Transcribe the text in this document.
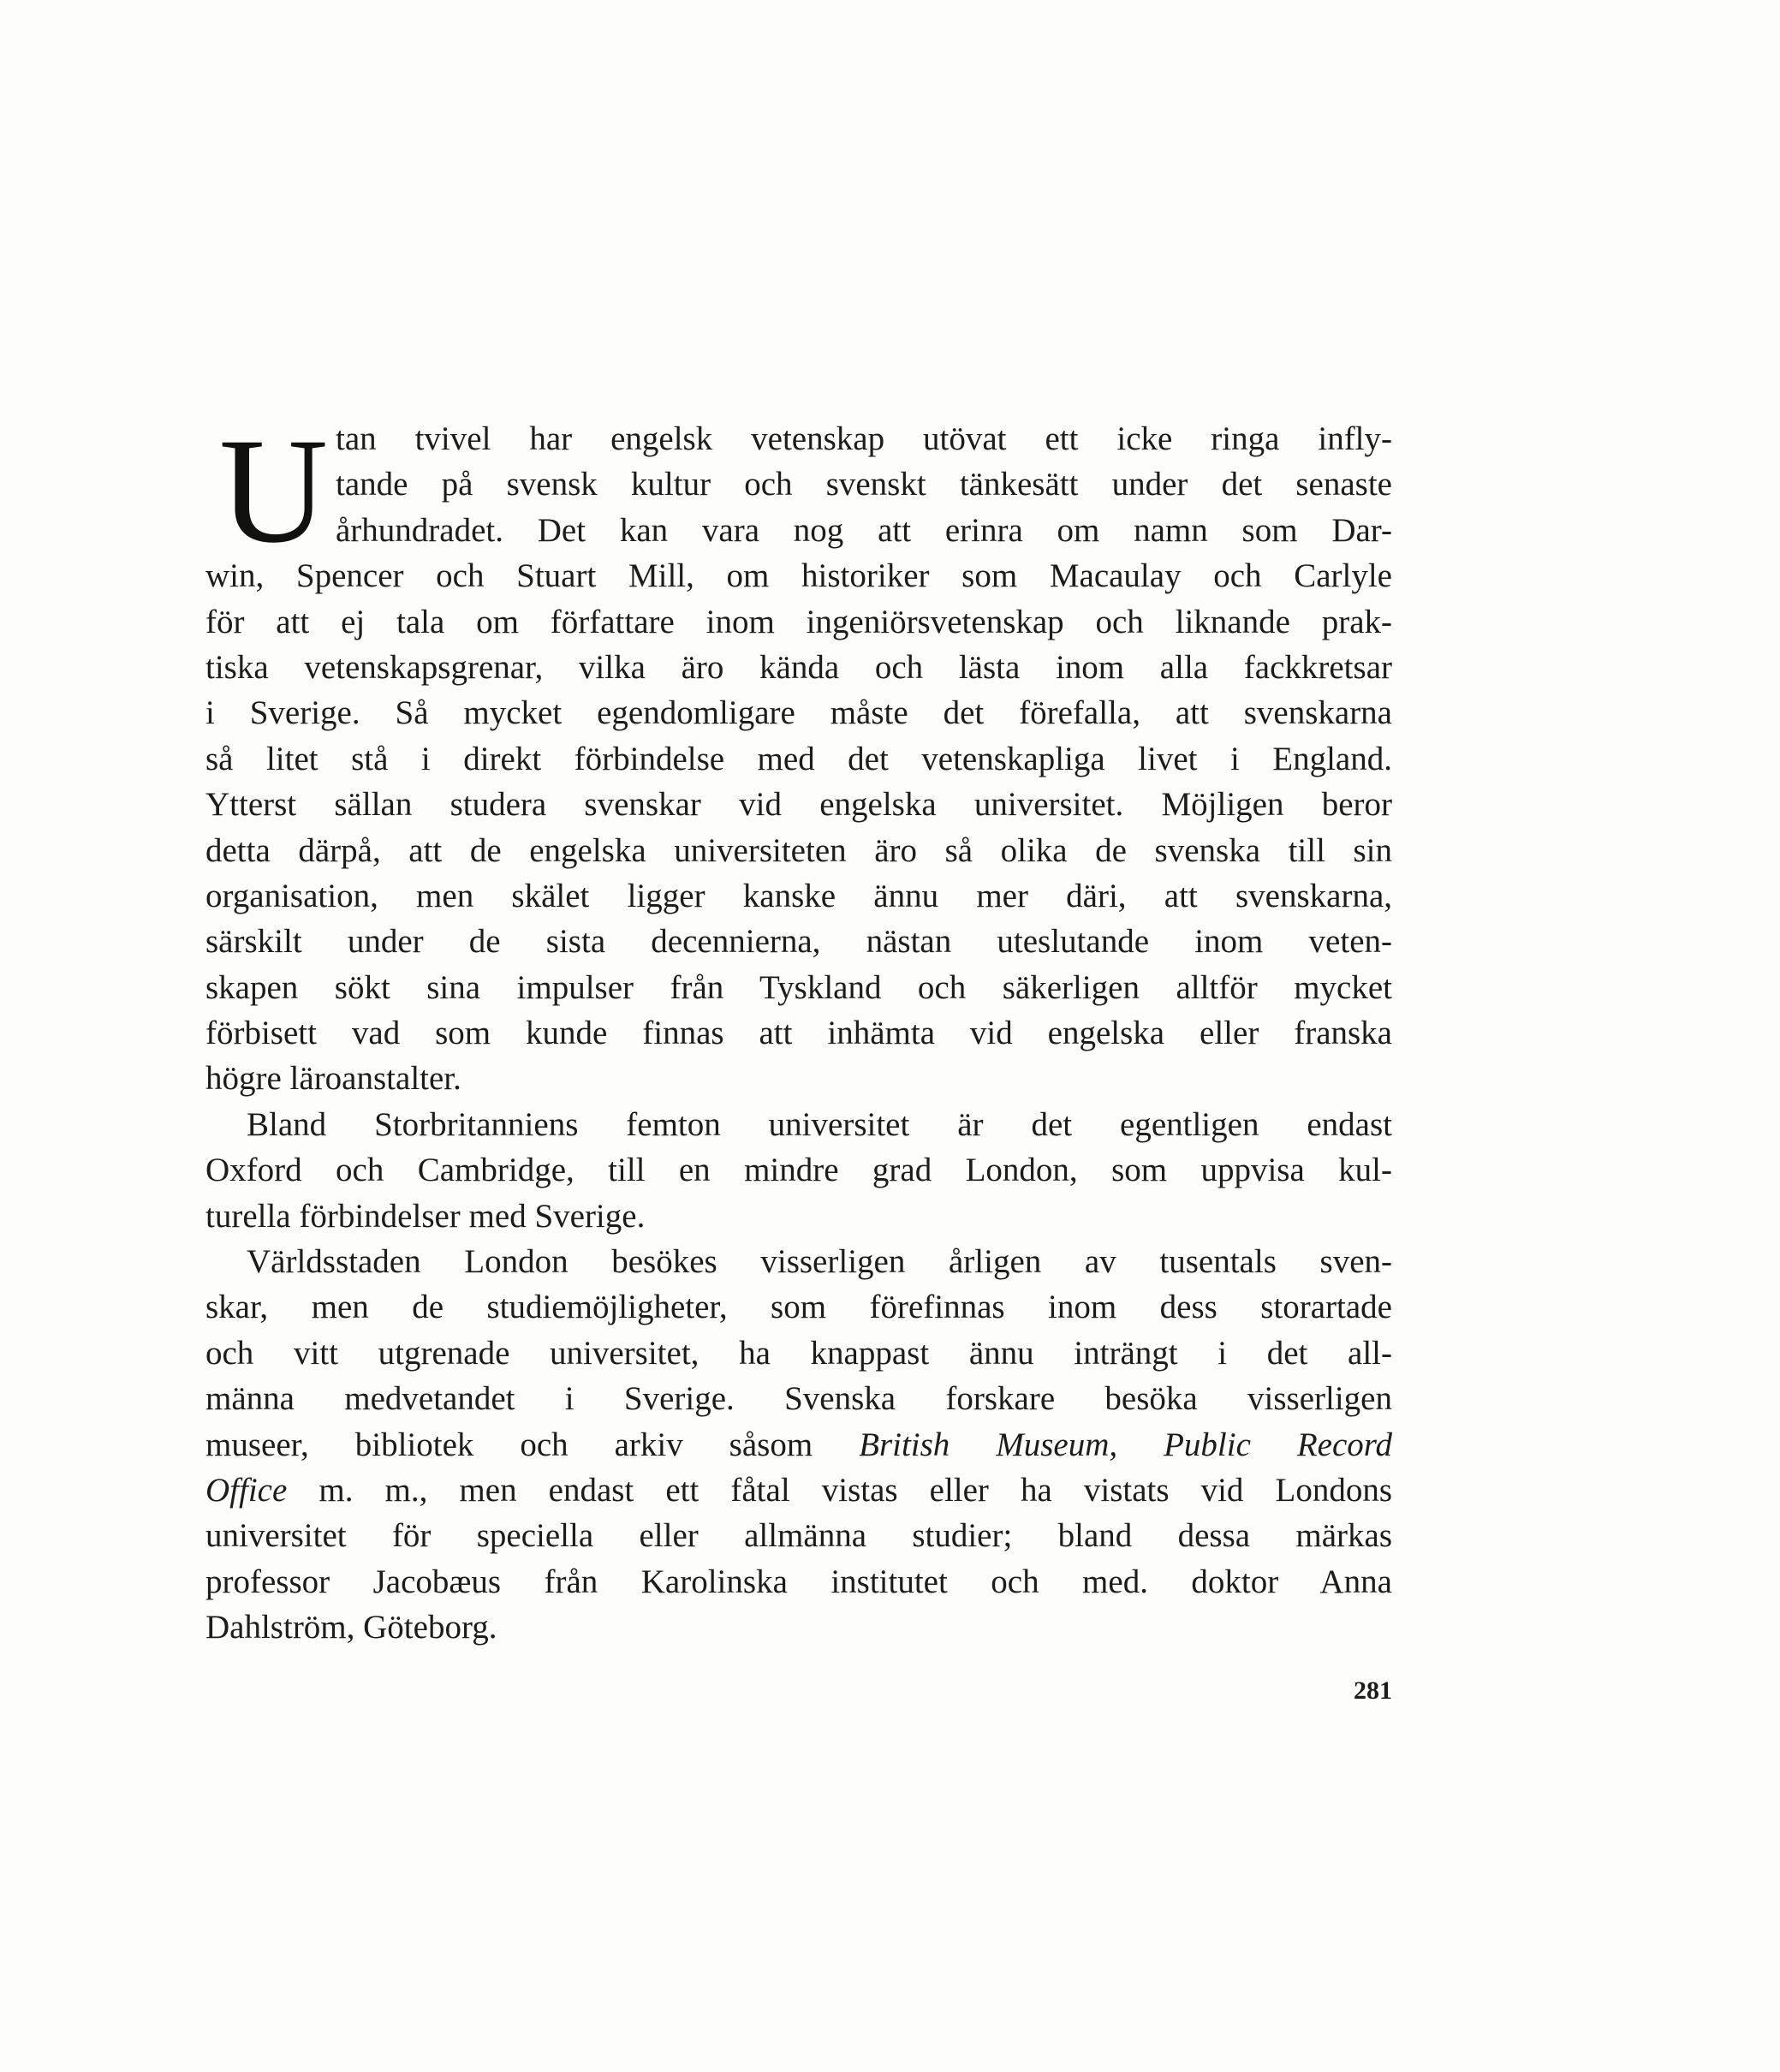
U tan tvivel har engelsk vetenskap utövat ett icke ringa infly-
tande på svensk kultur och svenskt tänkesätt under det senaste
århundradet. Det kan vara nog att erinra om namn som Dar-
win, Spencer och Stuart Mill, om historiker som Macaulay och Carlyle
för att ej tala om författare inom ingeniörsvetenskap och liknande prak-
tiska vetenskapsgrenar, vilka äro kända och lästa inom alla fackkretsar
i Sverige. Så mycket egendomligare måste det förefalla, att svenskarna
så litet stå i direkt förbindelse med det vetenskapliga livet i England.
Ytterst sällan studera svenskar vid engelska universitet. Möjligen beror
detta därpå, att de engelska universiteten äro så olika de svenska till sin
organisation, men skälet ligger kanske ännu mer däri, att svenskarna,
särskilt under de sista decennierna, nästan uteslutande inom veten-
skapen sökt sina impulser från Tyskland och säkerligen alltför mycket
förbisett vad som kunde finnas att inhämta vid engelska eller franska
högre läroanstalter.
Bland Storbritanniens femton universitet är det egentligen endast
Oxford och Cambridge, till en mindre grad London, som uppvisa kul-
turella förbindelser med Sverige.
Världsstaden London besökes visserligen årligen av tusentals sven-
skar, men de studiemöjligheter, som förefinnas inom dess storartade
och vitt utgrenade universitet, ha knappast ännu inträngt i det all-
männa medvetandet i Sverige. Svenska forskare besöka visserligen
museer, bibliotek och arkiv såsom British Museum, Public Record
Office m. m., men endast ett fåtal vistas eller ha vistats vid Londons
universitet för speciella eller allmänna studier; bland dessa märkas
professor Jacobæus från Karolinska institutet och med. doktor Anna
Dahlström, Göteborg.
281
